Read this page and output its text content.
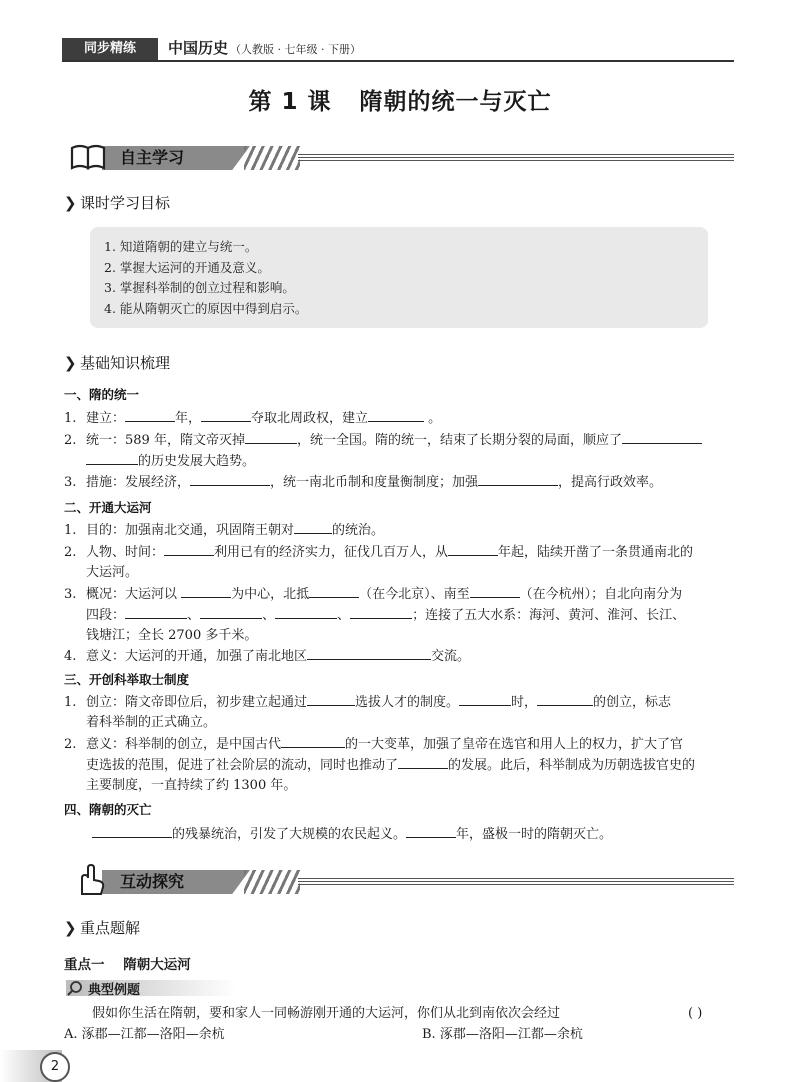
同步精练	中国历史 （人教版 · 七年级 · 下册）
第 1 课 隋朝的统一与灭亡
自主学习
❯ 课时学习目标
1. 知道隋朝的建立与统一。
2. 掌握大运河的开通及意义。
3. 掌握科举制的创立过程和影响。
4. 能从隋朝灭亡的原因中得到启示。
❯ 基础知识梳理
一、隋的统一
1. 建立：	年，	夺取北周政权，建立	。
2. 统一：589 年，隋文帝灭掉	，统一全国。隋的统一，结束了长期分裂的局面，顺应了
的历史发展大趋势。
3. 措施：发展经济，	，统一南北币制和度量衡制度；加强	，提高行政效率。
二、开通大运河
1. 目的：加强南北交通，巩固隋王朝对	的统治。
2. 人物、时间：	利用已有的经济实力，征伐几百万人，从	年起，陆续开凿了一条贯通南北的
大运河。
3. 概况：大运河以	为中心，北抵	（在今北京）、南至	（在今杭州）；自北向南分为
四段：	、	、	、	；连接了五大水系：海河、黄河、淮河、长江、
钱塘江；全长 2700 多千米。
4. 意义：大运河的开通，加强了南北地区	交流。
三、开创科举取士制度
1. 创立：隋文帝即位后，初步建立起通过	选拔人才的制度。	时，	的创立，标志
着科举制的正式确立。
2. 意义：科举制的创立，是中国古代	的一大变革，加强了皇帝在选官和用人上的权力，扩大了官
吏选拔的范围，促进了社会阶层的流动，同时也推动了	的发展。此后，科举制成为历朝选拔官史的
主要制度，一直持续了约 1300 年。
四、隋朝的灭亡
的残暴统治，引发了大规模的农民起义。	年，盛极一时的隋朝灭亡。
互动探究
❯ 重点题解
重点一    隋朝大运河
典型例题
假如你生活在隋朝，要和家人一同畅游刚开通的大运河，你们从北到南依次会经过	( )
A. 涿郡—江都—洛阳—余杭	B. 涿郡—洛阳—江都—余杭
2
